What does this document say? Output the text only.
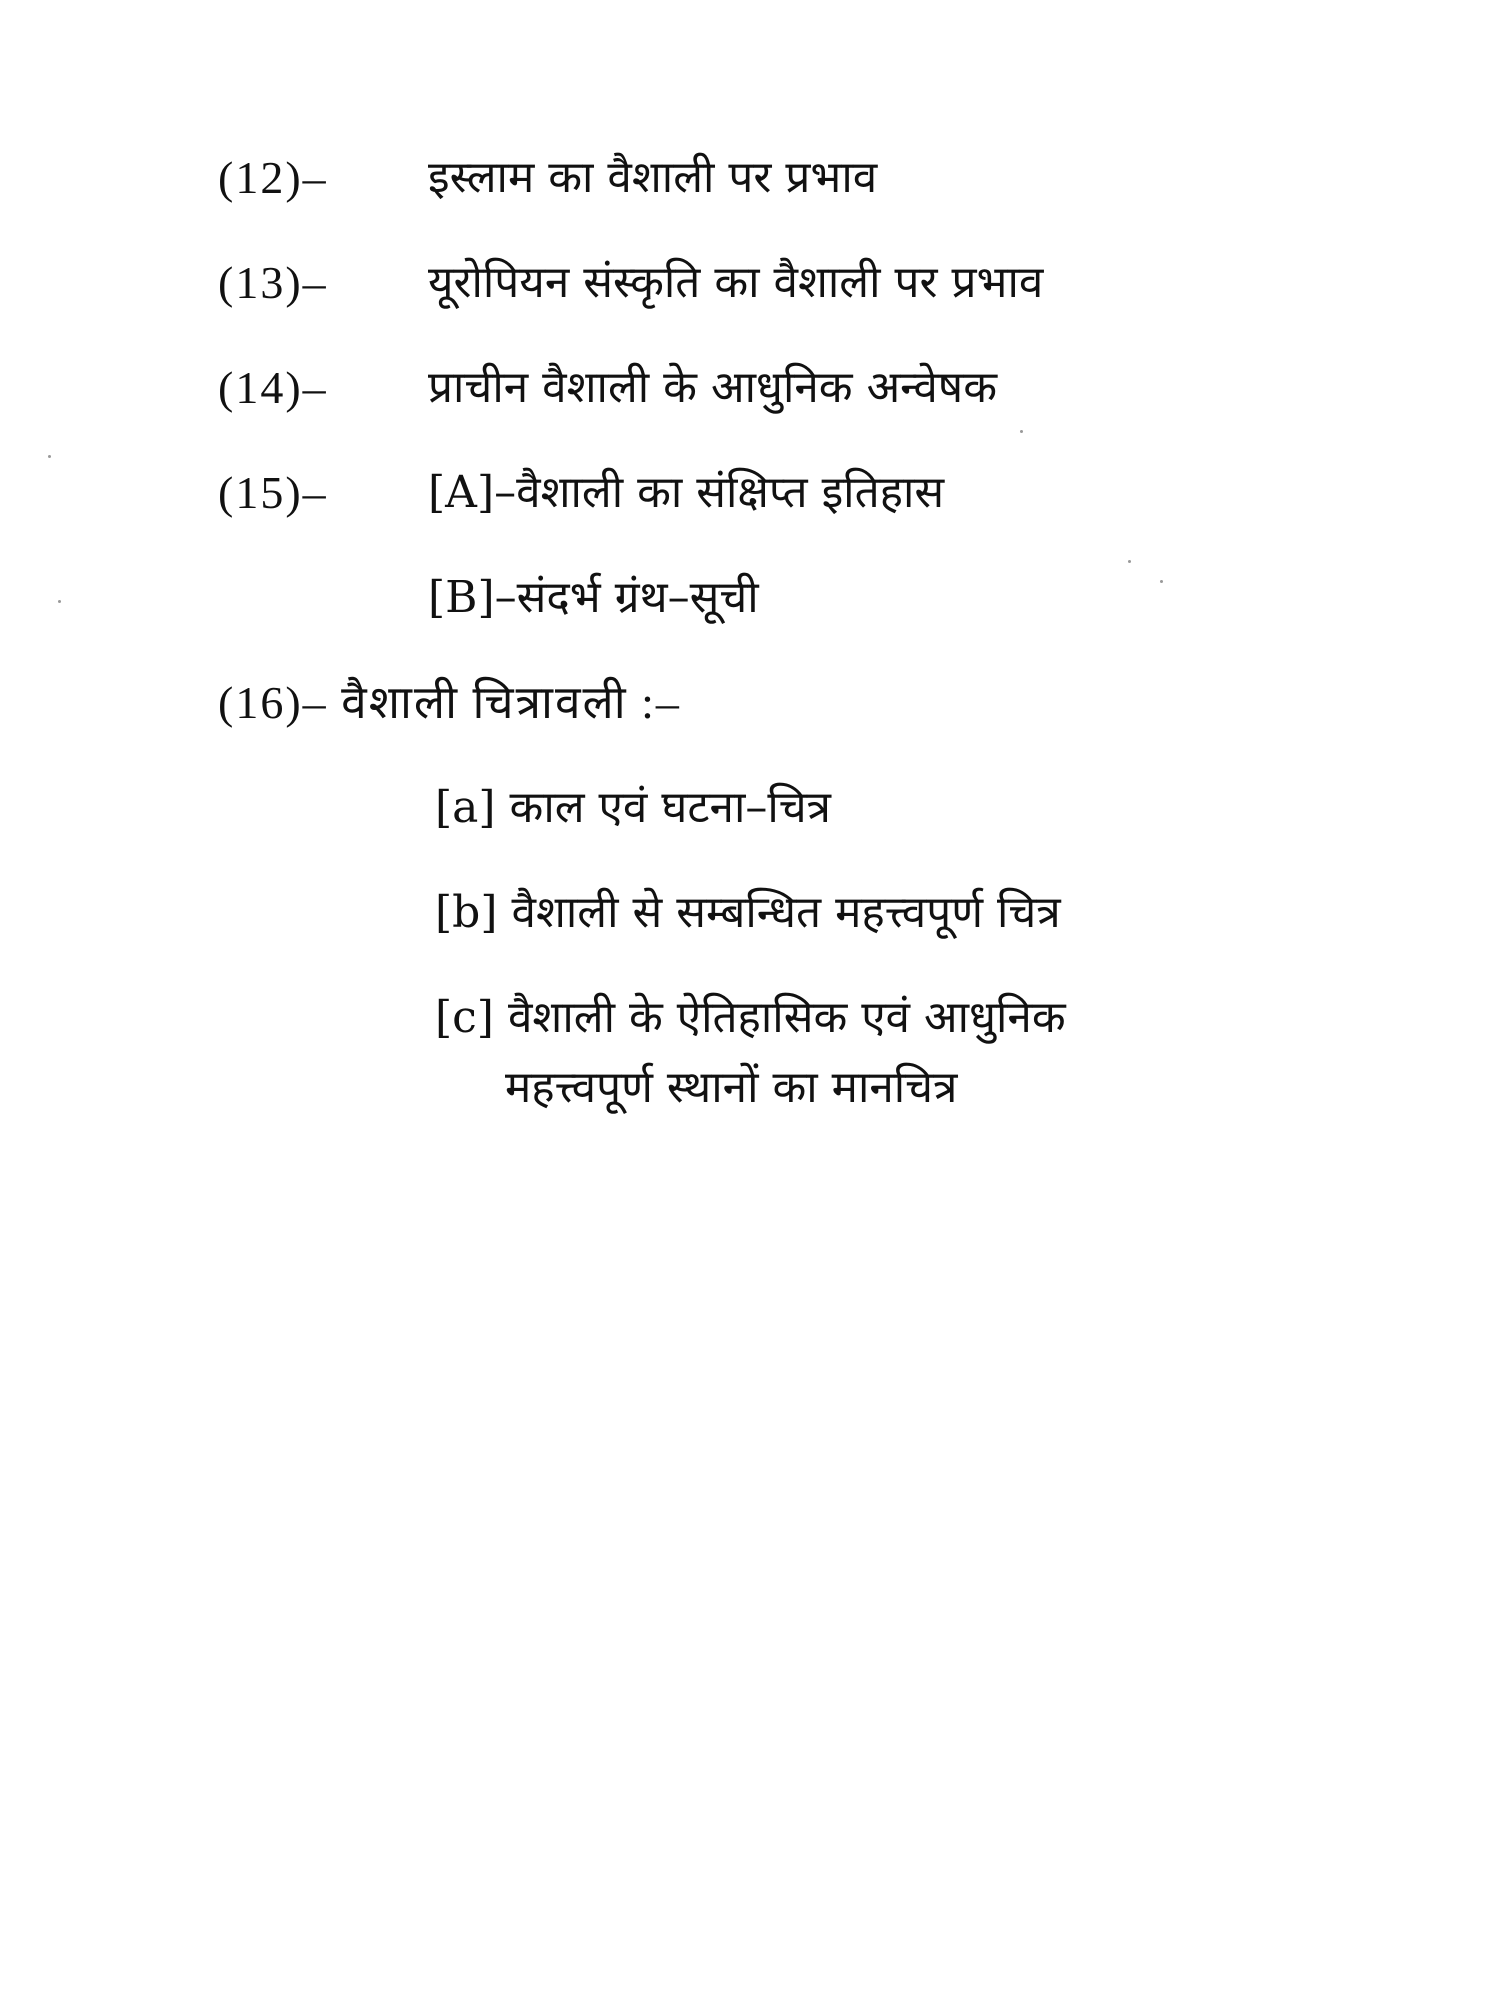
(12)– इस्लाम का वैशाली पर प्रभाव
(13)– यूरोपियन संस्कृति का वैशाली पर प्रभाव
(14)– प्राचीन वैशाली के आधुनिक अन्वेषक
(15)– [A]–वैशाली का संक्षिप्त इतिहास
[B]–संदर्भ ग्रंथ–सूची
(16)– वैशाली चित्रावली :–
[a] काल एवं घटना–चित्र
[b] वैशाली से सम्बन्धित महत्त्वपूर्ण चित्र
[c] वैशाली के ऐतिहासिक एवं आधुनिक
महत्त्वपूर्ण स्थानों का मानचित्र
